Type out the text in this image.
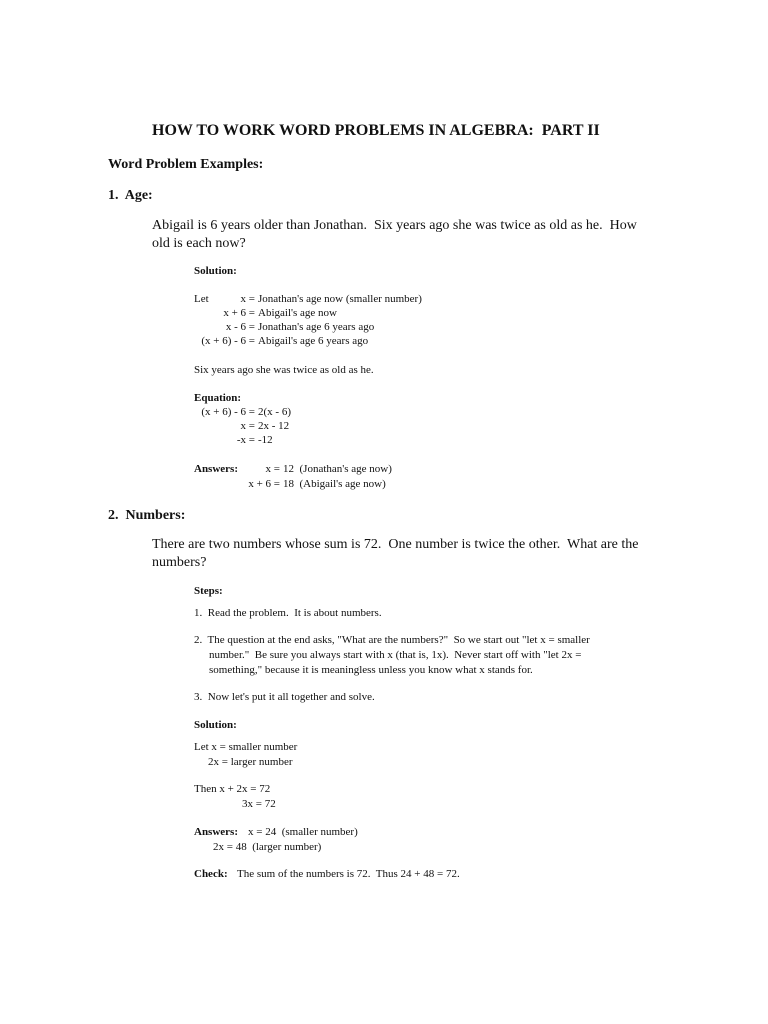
HOW TO WORK WORD PROBLEMS IN ALGEBRA:  PART II
Word Problem Examples:
1.  Age:
Abigail is 6 years older than Jonathan.  Six years ago she was twice as old as he.  How
old is each now?
Solution:
Let	x = Jonathan's age now (smaller number)
x + 6 = Abigail's age now
x - 6 = Jonathan's age 6 years ago
(x + 6) - 6 = Abigail's age 6 years ago
Six years ago she was twice as old as he.
Equation:
(x + 6) - 6 = 2(x - 6)
x = 2x - 12
-x = -12
Answers:	x = 12  (Jonathan's age now)
x + 6 = 18  (Abigail's age now)
2.  Numbers:
There are two numbers whose sum is 72.  One number is twice the other.  What are the
numbers?
Steps:
1.  Read the problem.  It is about numbers.
2.  The question at the end asks, "What are the numbers?"  So we start out "let x = smaller
number."  Be sure you always start with x (that is, 1x).  Never start off with "let 2x =
something," because it is meaningless unless you know what x stands for.
3.  Now let's put it all together and solve.
Solution:
Let x = smaller number
2x = larger number
Then x + 2x = 72
3x = 72
Answers: x = 24  (smaller number)
2x = 48  (larger number)
Check: The sum of the numbers is 72.  Thus 24 + 48 = 72.
